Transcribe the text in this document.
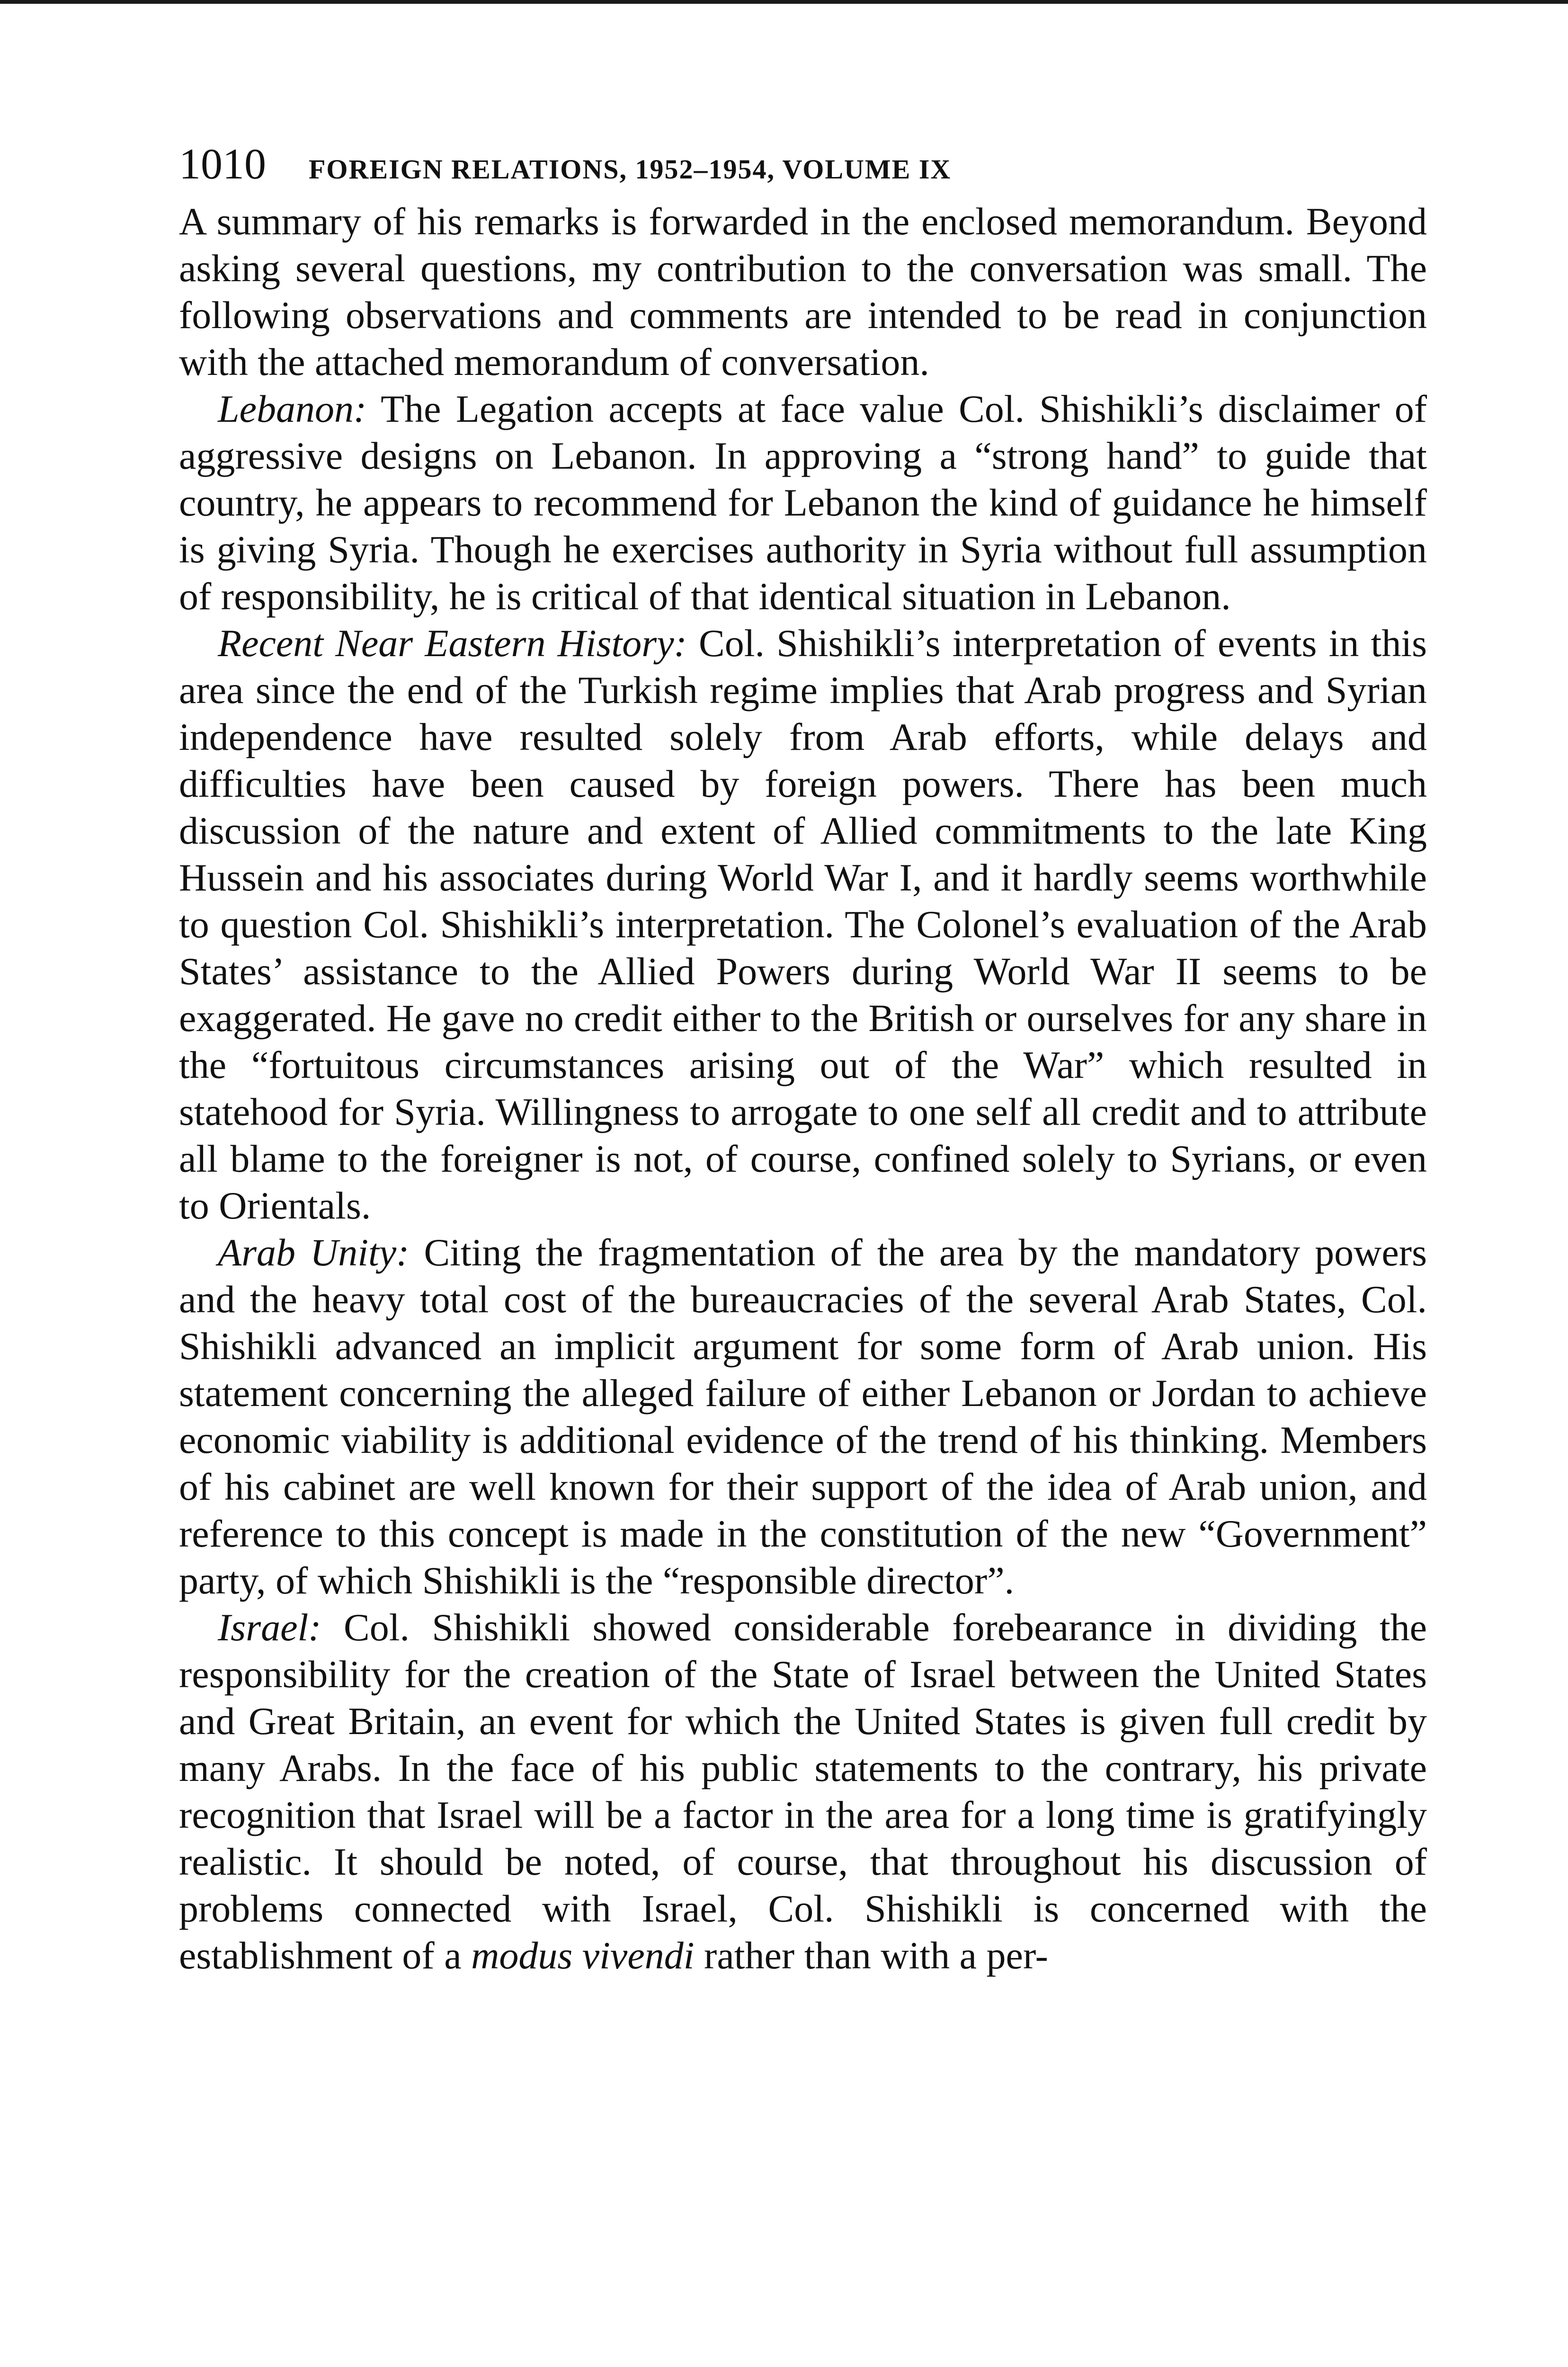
1010 FOREIGN RELATIONS, 1952–1954, VOLUME IX

A summary of his remarks is forwarded in the enclosed memorandum. Beyond asking several questions, my contribution to the conversation was small. The following observations and comments are intended to be read in conjunction with the attached memorandum of conversation.

Lebanon: The Legation accepts at face value Col. Shishikli’s disclaimer of aggressive designs on Lebanon. In approving a “strong hand” to guide that country, he appears to recommend for Lebanon the kind of guidance he himself is giving Syria. Though he exercises authority in Syria without full assumption of responsibility, he is critical of that identical situation in Lebanon.

Recent Near Eastern History: Col. Shishikli’s interpretation of events in this area since the end of the Turkish regime implies that Arab progress and Syrian independence have resulted solely from Arab efforts, while delays and difficulties have been caused by foreign powers. There has been much discussion of the nature and extent of Allied commitments to the late King Hussein and his associates during World War I, and it hardly seems worthwhile to question Col. Shishikli’s interpretation. The Colonel’s evaluation of the Arab States’ assistance to the Allied Powers during World War II seems to be exaggerated. He gave no credit either to the British or ourselves for any share in the “fortuitous circumstances arising out of the War” which resulted in statehood for Syria. Willingness to arrogate to one self all credit and to attribute all blame to the foreigner is not, of course, confined solely to Syrians, or even to Orientals.

Arab Unity: Citing the fragmentation of the area by the mandatory powers and the heavy total cost of the bureaucracies of the several Arab States, Col. Shishikli advanced an implicit argument for some form of Arab union. His statement concerning the alleged failure of either Lebanon or Jordan to achieve economic viability is additional evidence of the trend of his thinking. Members of his cabinet are well known for their support of the idea of Arab union, and reference to this concept is made in the constitution of the new “Government” party, of which Shishikli is the “responsible director”.

Israel: Col. Shishikli showed considerable forebearance in dividing the responsibility for the creation of the State of Israel between the United States and Great Britain, an event for which the United States is given full credit by many Arabs. In the face of his public statements to the contrary, his private recognition that Israel will be a factor in the area for a long time is gratifyingly realistic. It should be noted, of course, that throughout his discussion of problems connected with Israel, Col. Shishikli is concerned with the establishment of a modus vivendi rather than with a per-
